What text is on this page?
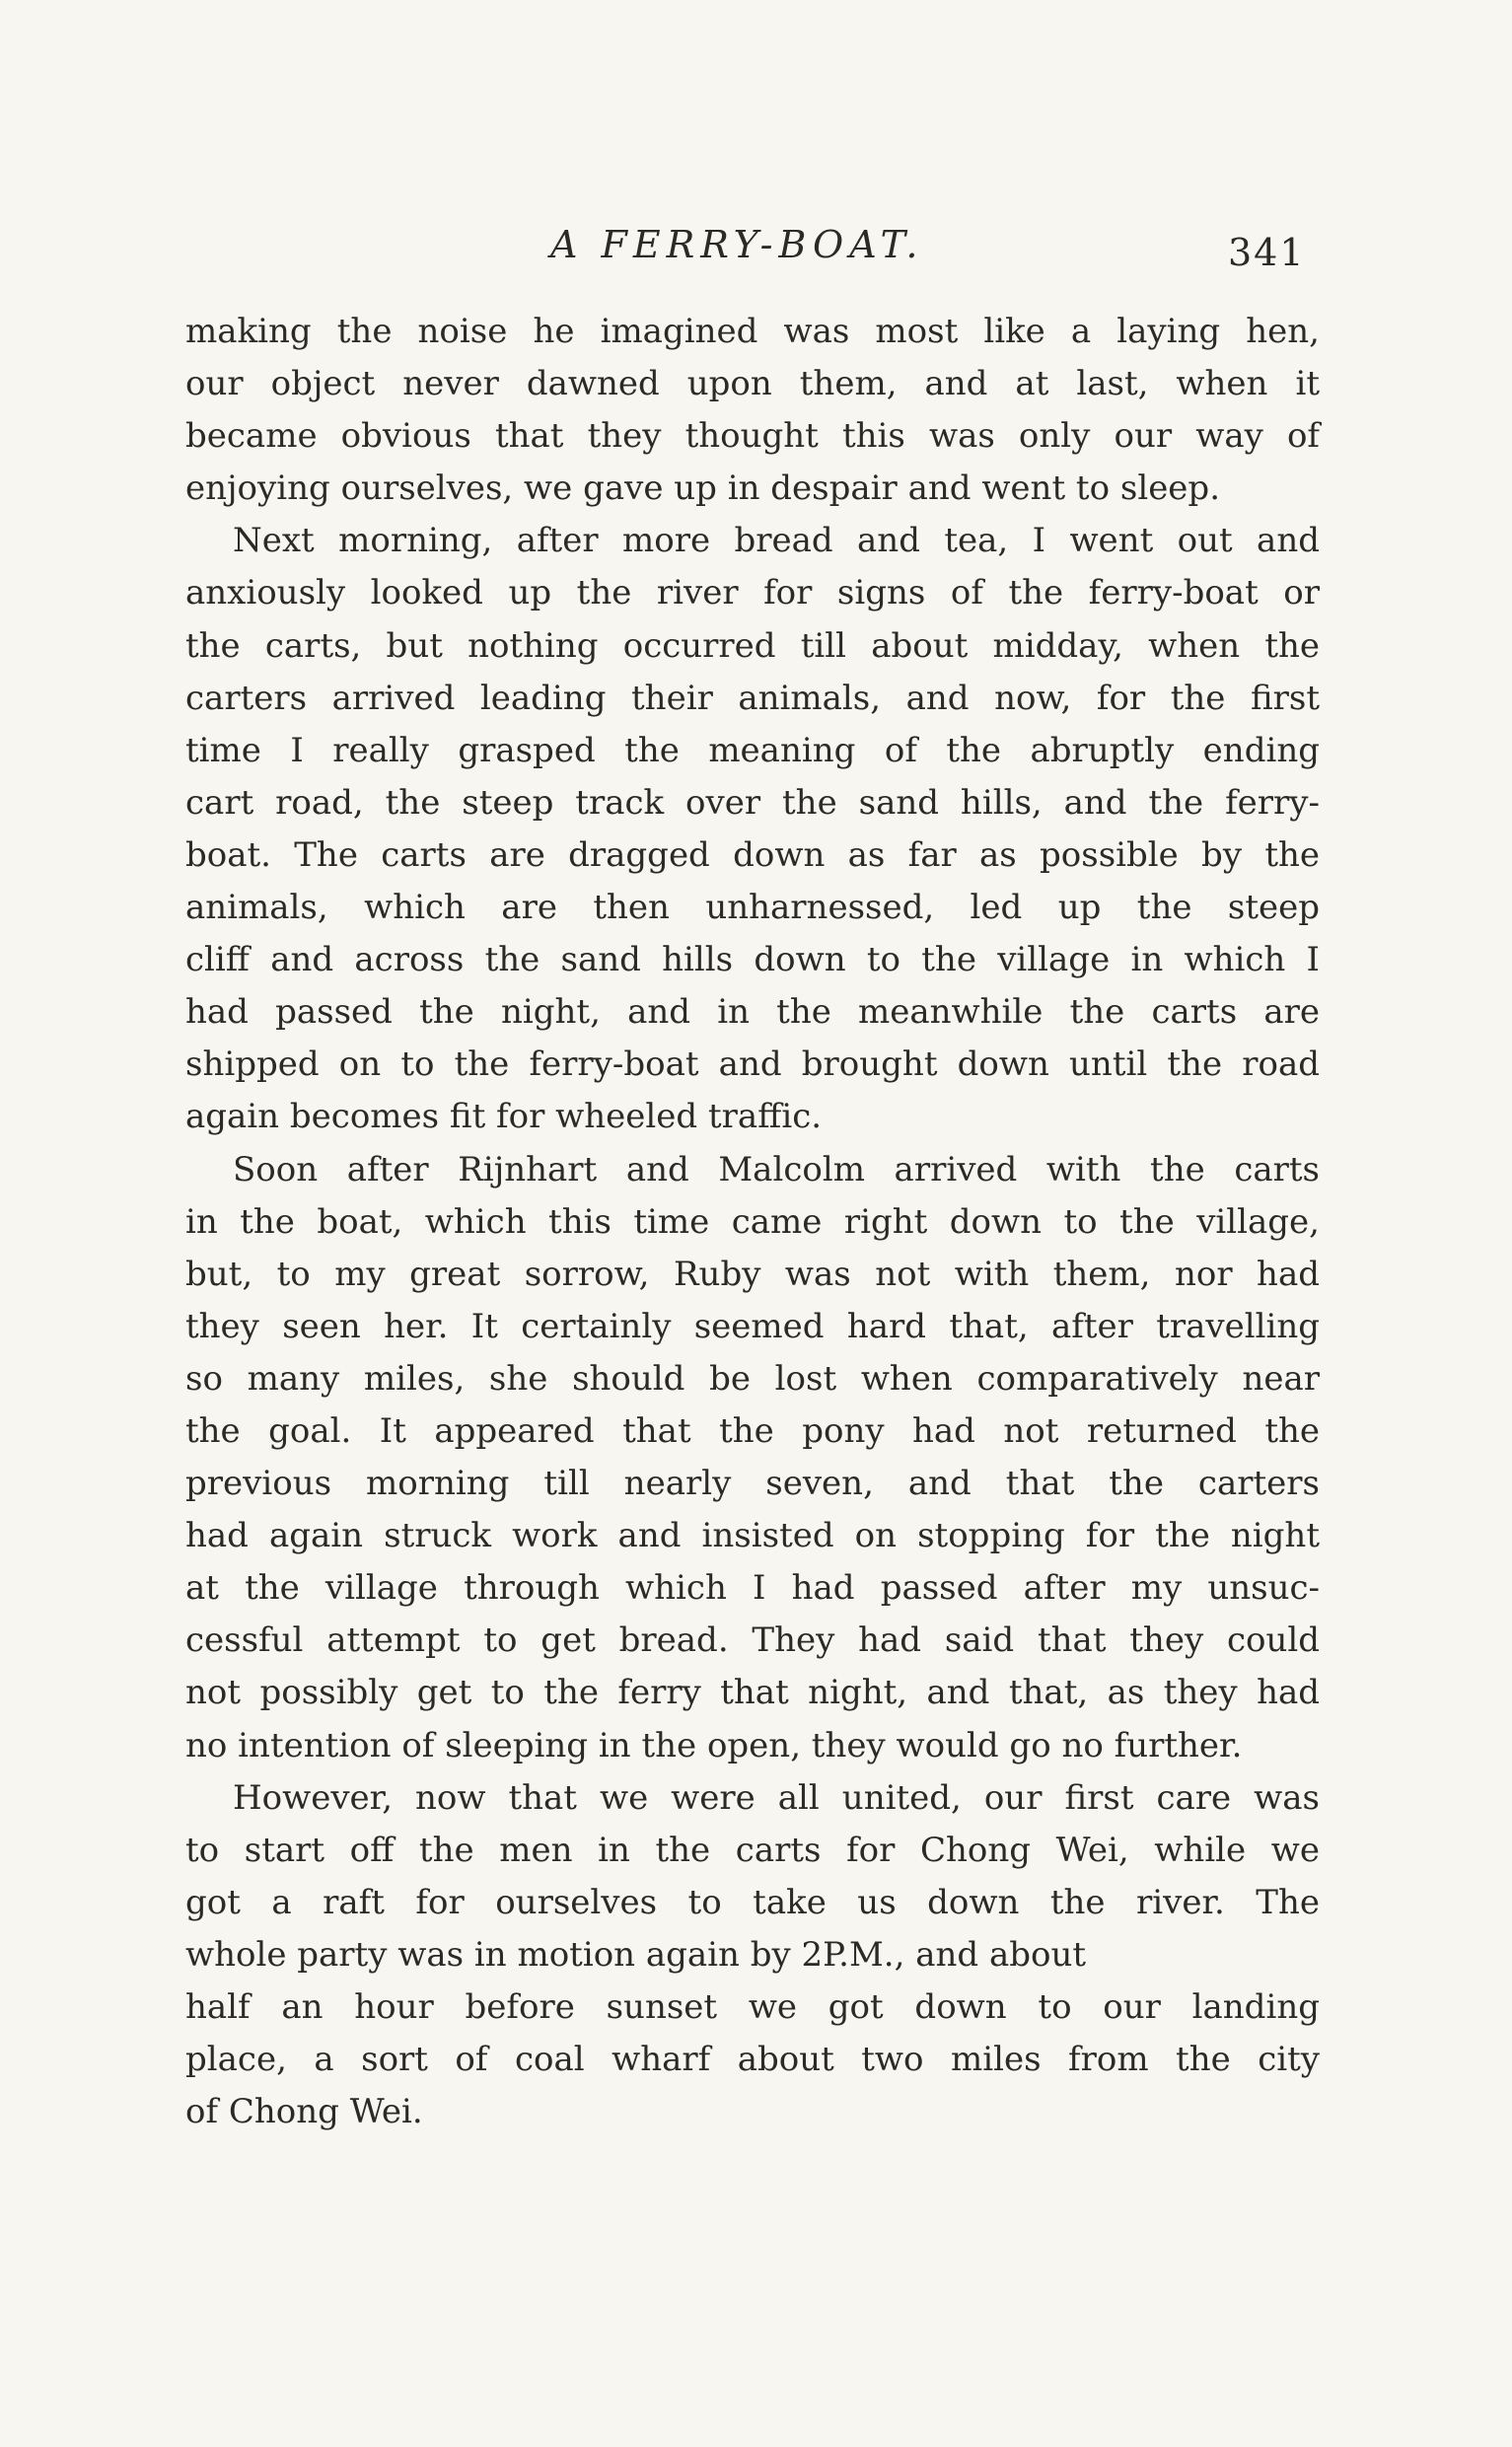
A FERRY-BOAT.	341
making the noise he imagined was most like a laying hen,
our object never dawned upon them, and at last, when it
became obvious that they thought this was only our way of
enjoying ourselves, we gave up in despair and went to sleep.
Next morning, after more bread and tea, I went out and
anxiously looked up the river for signs of the ferry-boat or
the carts, but nothing occurred till about midday, when the
carters arrived leading their animals, and now, for the first
time I really grasped the meaning of the abruptly ending
cart road, the steep track over the sand hills, and the ferry-
boat. The carts are dragged down as far as possible by the
animals, which are then unharnessed, led up the steep
cliff and across the sand hills down to the village in which I
had passed the night, and in the meanwhile the carts are
shipped on to the ferry-boat and brought down until the road
again becomes fit for wheeled traffic.
Soon after Rijnhart and Malcolm arrived with the carts
in the boat, which this time came right down to the village,
but, to my great sorrow, Ruby was not with them, nor had
they seen her. It certainly seemed hard that, after travelling
so many miles, she should be lost when comparatively near
the goal. It appeared that the pony had not returned the
previous morning till nearly seven, and that the carters
had again struck work and insisted on stopping for the night
at the village through which I had passed after my unsuc-
cessful attempt to get bread. They had said that they could
not possibly get to the ferry that night, and that, as they had
no intention of sleeping in the open, they would go no further.
However, now that we were all united, our first care was
to start off the men in the carts for Chong Wei, while we
got a raft for ourselves to take us down the river. The
whole party was in motion again by 2P.M., and about
half an hour before sunset we got down to our landing
place, a sort of coal wharf about two miles from the city
of Chong Wei.
